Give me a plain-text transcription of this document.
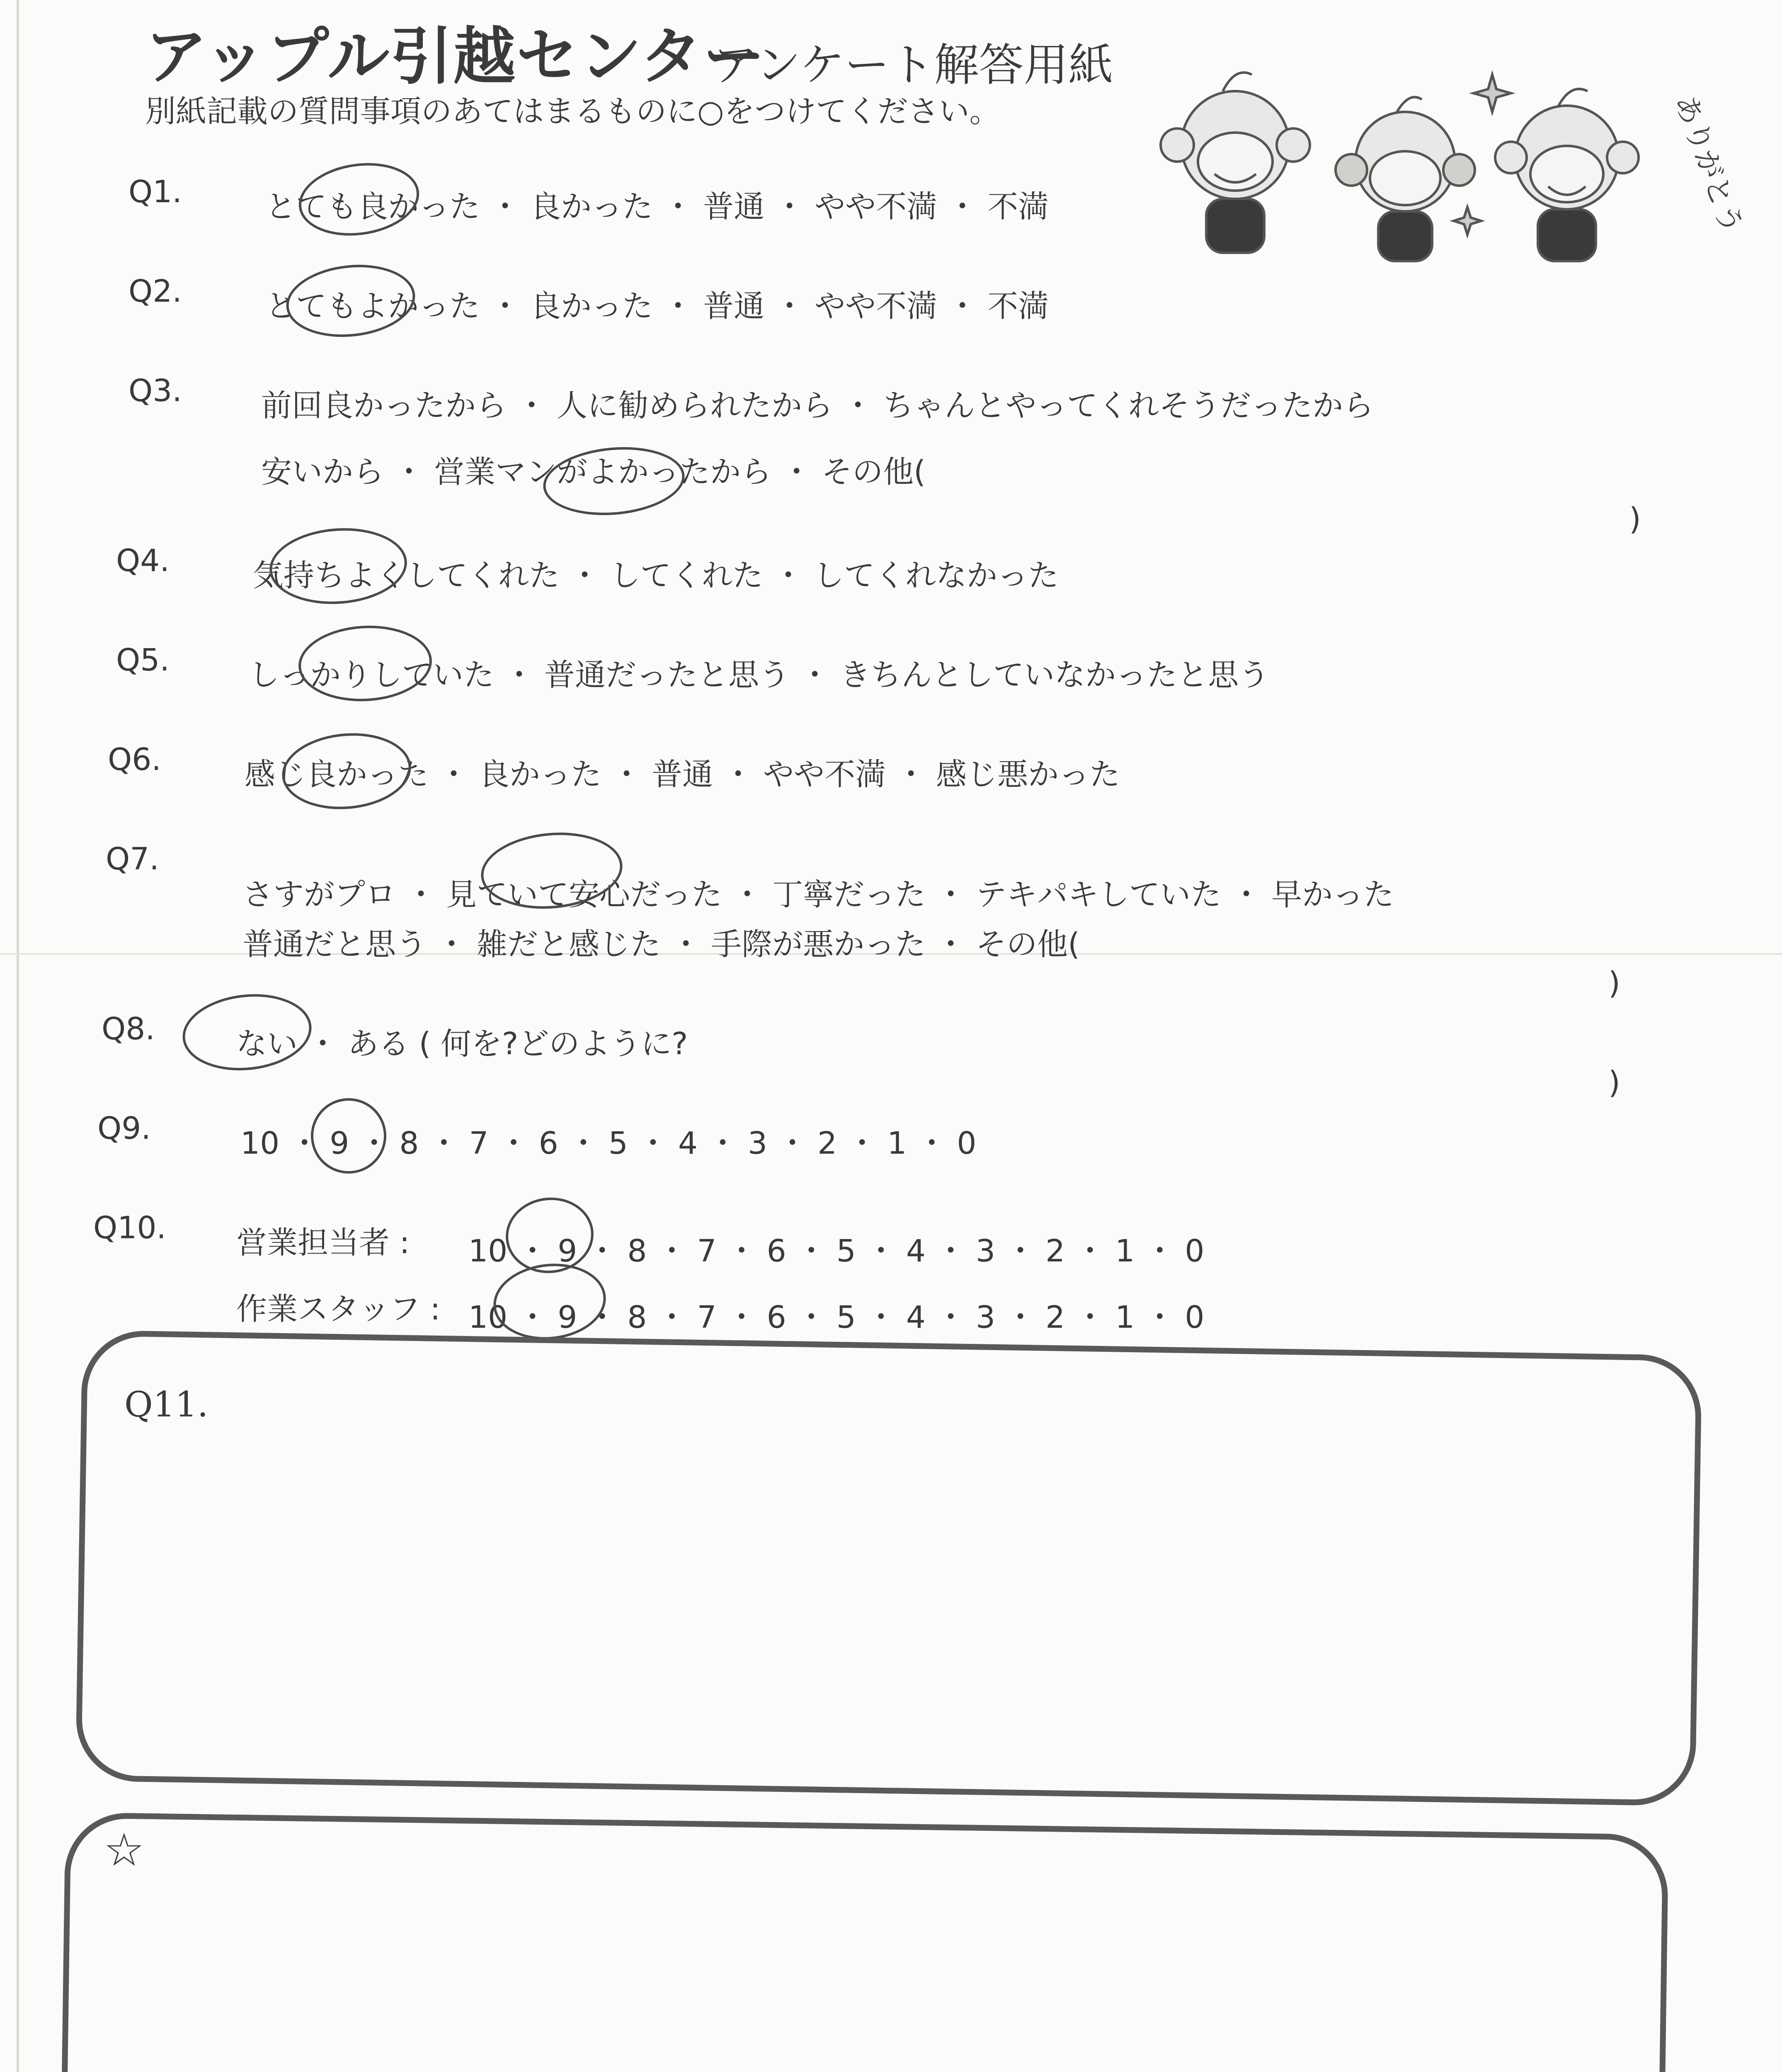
アップル引越センター
アンケート解答用紙
別紙記載の質問事項のあてはまるものに○をつけてください。	ありがとう
Q1.	とても良かった ・ 良かった ・ 普通 ・ やや不満 ・ 不満
Q2.	とてもよかった ・ 良かった ・ 普通 ・ やや不満 ・ 不満
Q3.	前回良かったから ・ 人に勧められたから ・ ちゃんとやってくれそうだったから
安いから ・ 営業マンがよかったから ・ その他(
)
Q4.	気持ちよくしてくれた ・ してくれた ・ してくれなかった
Q5.	しっかりしていた ・ 普通だったと思う ・ きちんとしていなかったと思う
Q6.	感じ良かった ・ 良かった ・ 普通 ・ やや不満 ・ 感じ悪かった
Q7.
さすがプロ ・ 見ていて安心だった ・ 丁寧だった ・ テキパキしていた ・ 早かった
普通だと思う ・ 雑だと感じた ・ 手際が悪かった ・ その他(
)
Q8.	ない ・ ある ( 何を?どのように?
)
Q9.	10 ・ 9 ・ 8 ・ 7 ・ 6 ・ 5 ・ 4 ・ 3 ・ 2 ・ 1 ・ 0
Q10. 営業担当者 : 10 ・ 9 ・ 8 ・ 7 ・ 6 ・ 5 ・ 4 ・ 3 ・ 2 ・ 1 ・ 0
作業スタッフ : 10 ・ 9 ・ 8 ・ 7 ・ 6 ・ 5 ・ 4 ・ 3 ・ 2 ・ 1 ・ 0
Q11.
☆
